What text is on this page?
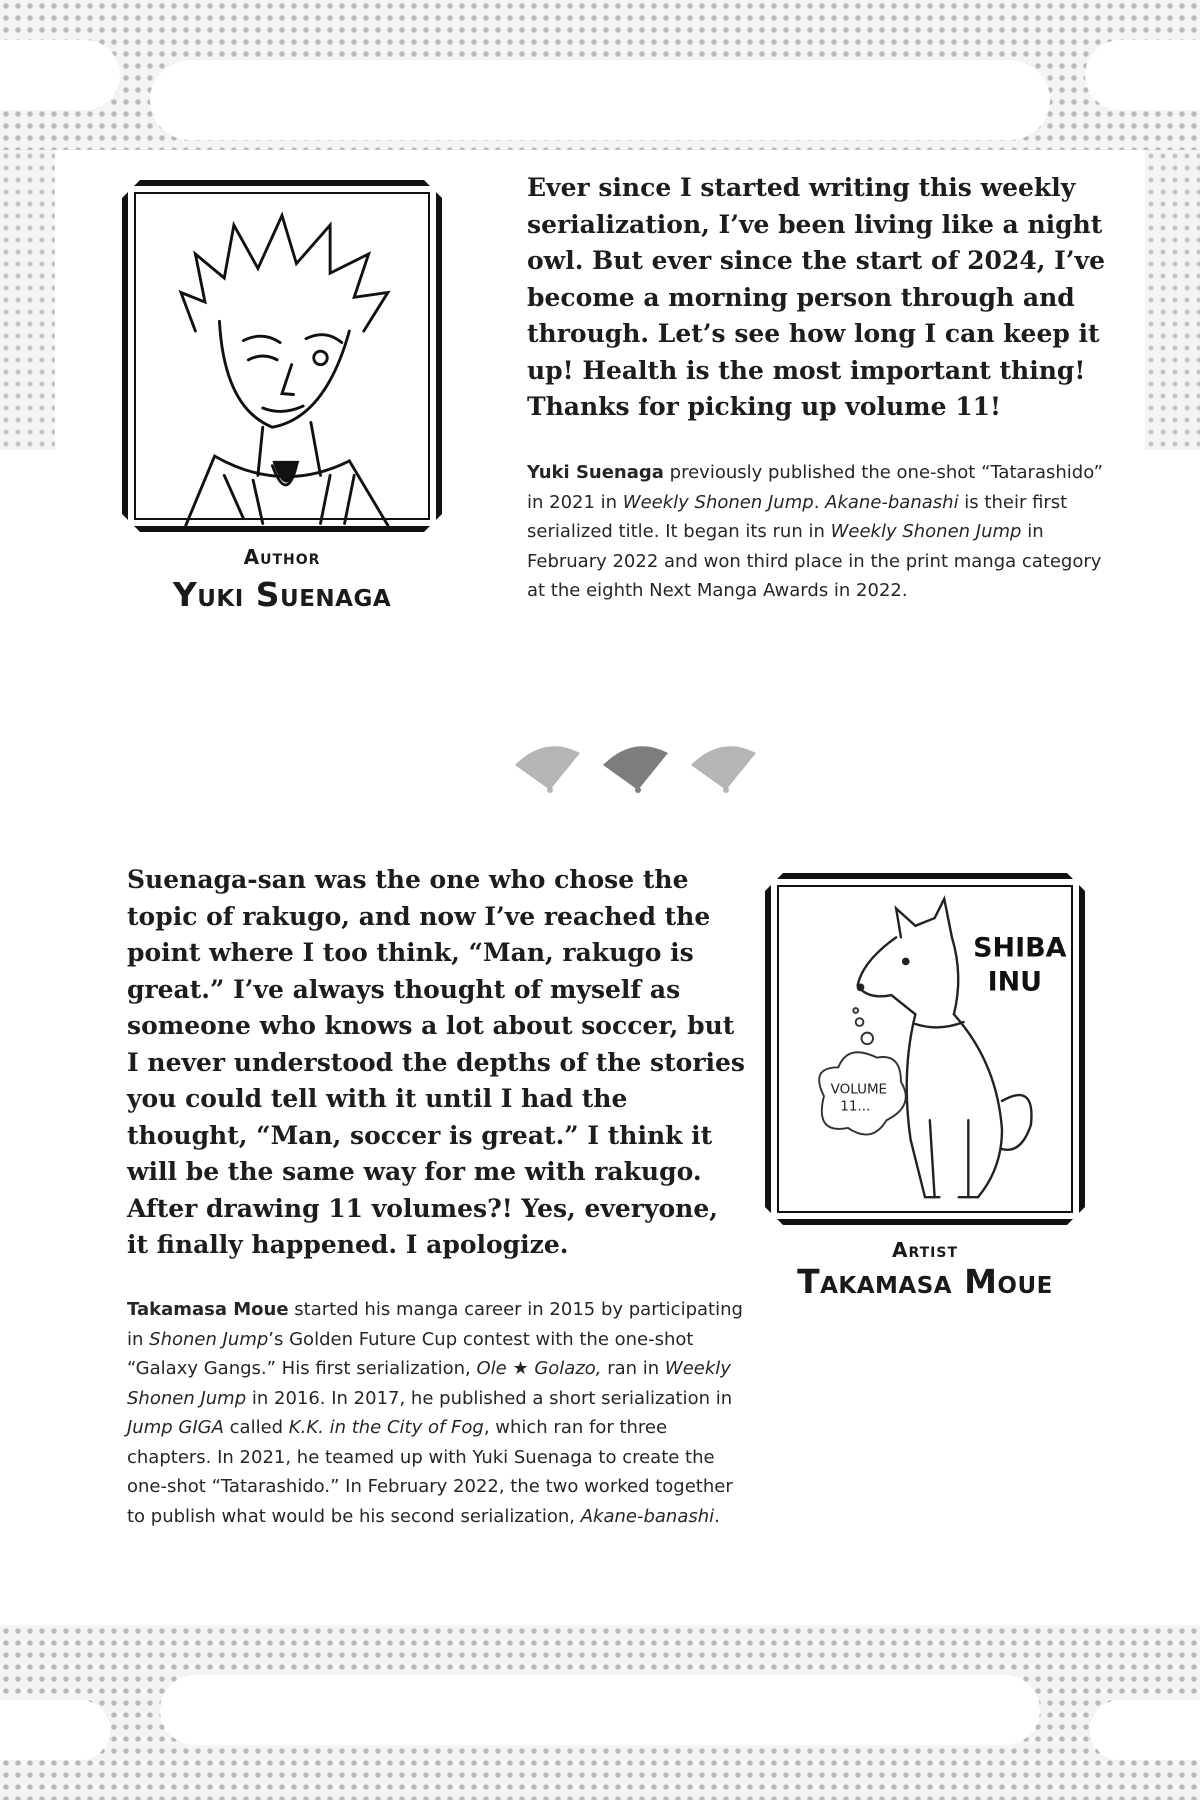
Author
Yuki Suenaga

Ever since I started writing this weekly serialization, I’ve been living like a night owl. But ever since the start of 2024, I’ve become a morning person through and through. Let’s see how long I can keep it up! Health is the most important thing! Thanks for picking up volume 11!

Yuki Suenaga previously published the one-shot “Tatarashido” in 2021 in Weekly Shonen Jump. Akane-banashi is their first serialized title. It began its run in Weekly Shonen Jump in February 2022 and won third place in the print manga category at the eighth Next Manga Awards in 2022.

Suenaga-san was the one who chose the topic of rakugo, and now I’ve reached the point where I too think, “Man, rakugo is great.” I’ve always thought of myself as someone who knows a lot about soccer, but I never understood the depths of the stories you could tell with it until I had the thought, “Man, soccer is great.” I think it will be the same way for me with rakugo. After drawing 11 volumes?! Yes, everyone, it finally happened. I apologize.

Takamasa Moue started his manga career in 2015 by participating in Shonen Jump’s Golden Future Cup contest with the one-shot “Galaxy Gangs.” His first serialization, Ole ★ Golazo, ran in Weekly Shonen Jump in 2016. In 2017, he published a short serialization in Jump GIGA called K.K. in the City of Fog, which ran for three chapters. In 2021, he teamed up with Yuki Suenaga to create the one-shot “Tatarashido.” In February 2022, the two worked together to publish what would be his second serialization, Akane-banashi.

SHIBA
INU
VOLUME
11...
Artist
Takamasa Moue
